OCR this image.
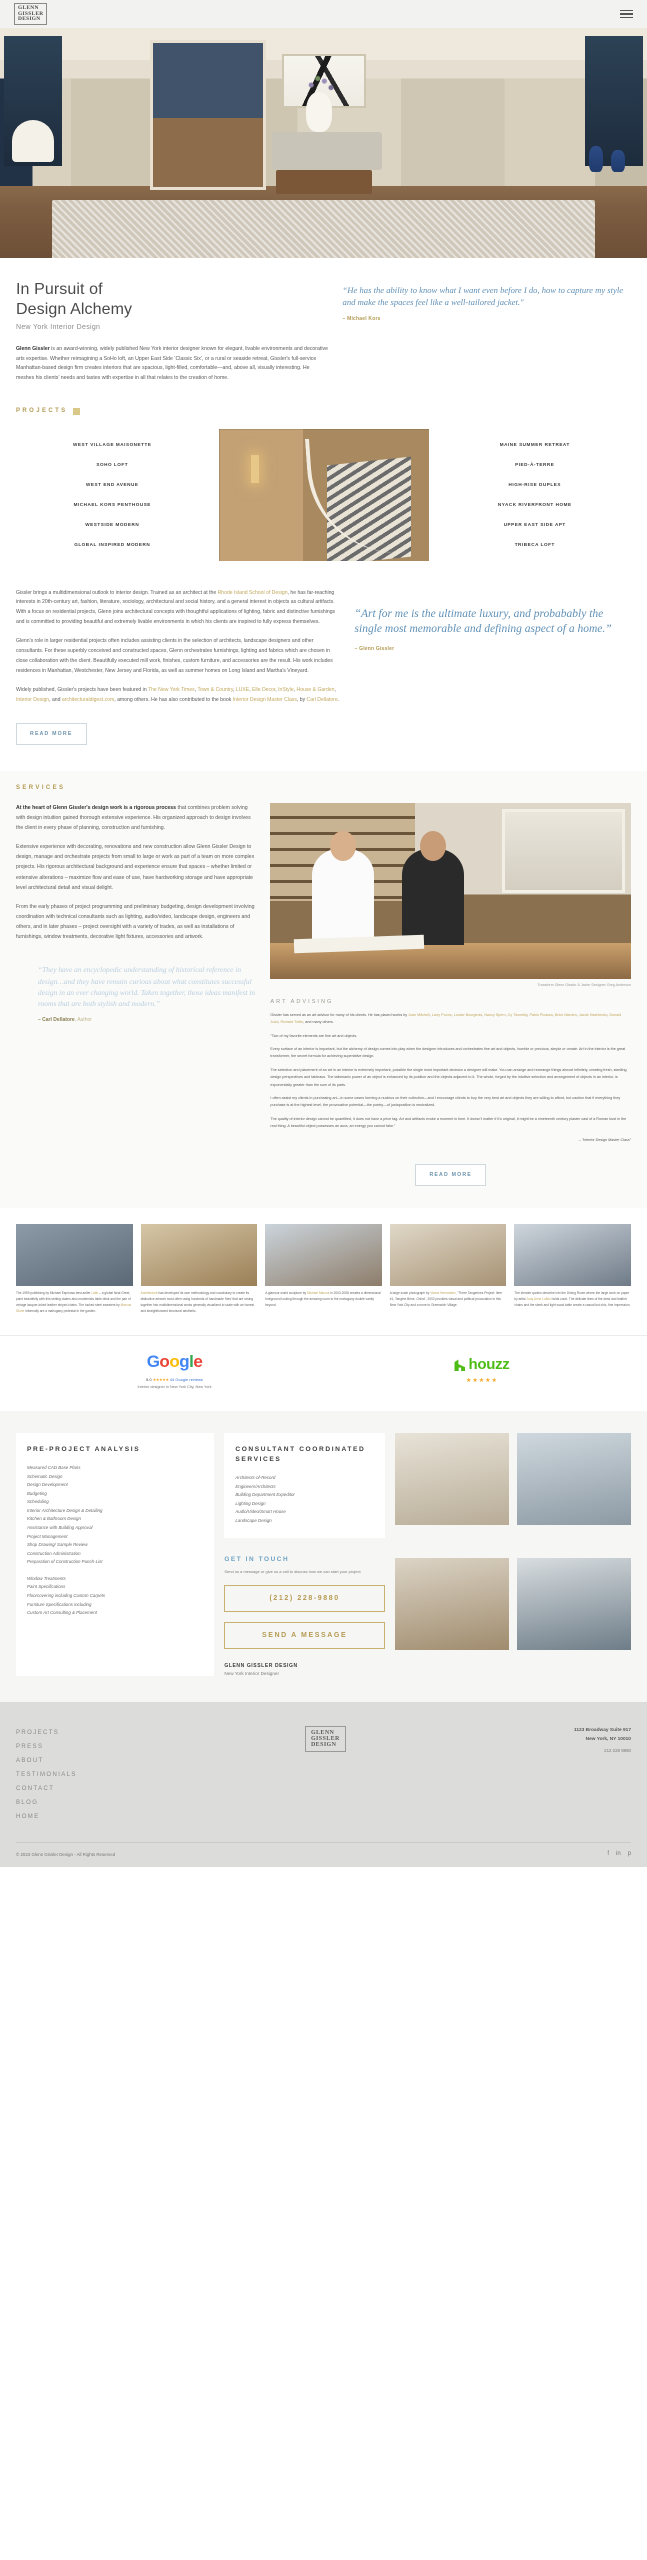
GLENN
GISSLER
DESIGN
In Pursuit of
Design Alchemy
New York Interior Design
Glenn Gissler is an award-winning, widely published New York interior designer known for elegant, livable environments and decorative arts expertise. Whether reimagining a SoHo loft, an Upper East Side ‘Classic Six’, or a rural or seaside retreat, Gissler's full-service Manhattan-based design firm creates interiors that are spacious, light-filled, comfortable—and, above all, visually interesting. He meshes his clients’ needs and tastes with expertise in all that relates to the creation of home.
“He has the ability to know what I want even before I do, how to capture my style and make the spaces feel like a well-tailored jacket."
– Michael Kors
PROJECTS
WEST VILLAGE MAISONETTE
SOHO LOFT
WEST END AVENUE
MICHAEL KORS PENTHOUSE
WESTSIDE MODERN
GLOBAL INSPIRED MODERN
MAINE SUMMER RETREAT
PIED-À-TERRE
HIGH-RISE DUPLEX
NYACK RIVERFRONT HOME
UPPER EAST SIDE APT
TRIBECA LOFT

Gissler brings a multidimensional outlook to interior design. Trained as an architect at the Rhode Island School of Design, he has far-reaching interests in 20th-century art, fashion, literature, sociology, architectural and social history, and a general interest in objects as cultural artifacts. With a focus on residential projects, Glenn joins architectural concepts with thoughtful applications of lighting, fabric and distinctive furnishings and is committed to providing beautiful and extremely livable environments in which his clients are inspired to fully express themselves.

Glenn's role in larger residential projects often includes assisting clients in the selection of architects, landscape designers and other consultants. For these superbly conceived and constructed spaces, Glenn orchestrates furnishings, lighting and fabrics which are chosen in close collaboration with the client. Beautifully executed mill work, finishes, custom furniture, and accessories are the result. His work includes residences in Manhattan, Westchester, New Jersey and Florida, as well as summer homes on Long Island and Martha's Vineyard.

Widely published, Gissler's projects have been featured in The New York Times, Town & Country, LUXE, Elle Decor, InStyle, House & Garden, Interior Design, and architecturaldigest.com, among others. He has also contributed to the book Interior Design Master Class, by Carl Dellatore.

READ MORE
“Art for me is the ultimate luxury, and probabably the single most memorable and defining aspect of a home.”
– Glenn Gissler
SERVICES

At the heart of Glenn Gissler's design work is a rigorous process that combines problem solving with design intuition gained thorough extensive experience. His organized approach to design involves the client in every phase of planning, construction and furnishing.

Extensive experience with decorating, renovations and new construction allow Glenn Gissler Design to design, manage and orchestrate projects from small to large or work as part of a team on more complex projects. His rigorous architectural background and experience ensure that spaces – whether limited or extensive alterations – maximize flow and ease of use, have hardworking storage and have appropriate level architectural detail and visual delight.

From the early phases of project programming and preliminary budgeting, design development involving coordination with technical consultants such as lighting, audio/video, landscape design, engineers and others, and in later phases – project oversight with a variety of trades, as well as installations of furnishings, window treatments, decorative light fixtures, accessories and artwork.

“They have an encyclopedic understanding of historical reference in design…and they have remain curious about what constitutes successful design in an ever changing world. Taken together, those ideas manifest in rooms that are both stylish and modern.”
– Carl Dellatore, Author
Transform Glenn Gissler & Javier Designer Greg Anderson
ART ADVISING

Gissler has served as an art advisor for many of his clients. He has placed works by Joan Mitchell, Larry Poons, Louise Bourgeois, Nancy Spero, Cy Twombly, Pablo Picasso, Brice Marden, Jacob Hashimoto, Donald Judd, Richard Tuttle, and many others.

"Two of my favorite elements are fine art and objects.

Every surface of an interior is important, but the alchemy of design comes into play when the designer introduces and orchestrates fine art and objects, humble or precious, simple or ornate. Art in the interior is the great transformer, the secret formula for achieving superlative design.

The selection and placement of an art in an interior is extremely important, possible the single most important decision a designer will make. You can arrange and rearrange things almost infinitely, creating fresh, startling design perspectives and tableaus. The talismanic power of an object is enhanced by its position and the objects adjacent to it. The whole, forged by the intuitive selection and arrangement of objects in an interior, is exponentially greater than the sum of its parts.

I often assist my clients in purchasing art—in some cases forming a nucleus on their collection—and I encourage clients to buy the very best art and objects they are willing to afford, but caution that if everything they purchase is at the highest level, the provocative potential—the poetry—of juxtaposition is neutralized.

The quality of interior design cannot be quantified, it does not have a price tag. Art and artifacts evoke a moment in time. It doesn't matter if it's original, it might be a nineteenth century plaster cast of a Roman bust in the real thing. A beautiful object possesses an aura, an energy you cannot fake."

– "Interior Design Master Class"

READ MORE
The 1959 publishing by Michael Espinosa best-seller Latin – a global Neal Greet, paint beautifully with this setting claims also modernists table desk and the pair of vintage lacquer-inked leather striped chairs. The tucked steel sweaters by Marcus Stone informally are a mahogany pedestal in the garden.
Architecture has developed its own methodology and vocabulary to create its distinctive artwork most often using hundreds of handmade 'tiles' that are strung together into multidimensional works generally visualized to scale with an honest and straightforward structural aesthetic.
A glamour world sculpture by Michael Marcus in 2003-2008 creates a dimensional foreground looking through the amazing room to the mahogany double vanity beyond.
A large scale photograph by Vanna Hernandez, "Three Tangerines Project: Item #1, Tangine Brine, China", 2002 provides visual and political provocation in this New York City and a more to Greenwich Village.
The slender quotes describe into the Dining Room where the large work on paper by artist Judy Anne Lufkin holds court. The delicate lines of the desk and leather chairs and the sleek and light wood table create a casual but chic, fine impression.
Google
5.0 ★★★★★ 44 Google reviews
Interior designer in New York City, New York
houzz
★★★★★
PRE-PROJECT ANALYSIS
Measured CAD Base Plans
Schematic Design
Design Development
Budgeting
Scheduling
Interior Architecture Design & Detailing
Kitchen & Bathroom Design
Assistance with Building Approval
Project Management
Shop Drawing/ Sample Review
Construction Administration
Preparation of Construction Punch-List
Window Treatments
Paint Specifications
Floorcovering including Custom Carpets
Furniture Specifications including
Custom Art Consulting & Placement
CONSULTANT COORDINATED SERVICES
Architects-of-Record
Engineers/Architects
Building Department Expeditor
Lighting Design
Audio/Video/Smart House
Landscape Design
GET IN TOUCH
Send us a message or give us a call to discuss how we can start your project
(212) 228-9880
SEND A MESSAGE
GLENN GISSLER DESIGN
New York Interior Designer
PROJECTS
PRESS
ABOUT
TESTIMONIALS
CONTACT
BLOG
HOME
GLENN
GISSLER
DESIGN
1123 Broadway Suite 917
New York, NY 10010
212 228 9880
© 2023 Glenn Gissler Design - All Rights Reserved	f in p
